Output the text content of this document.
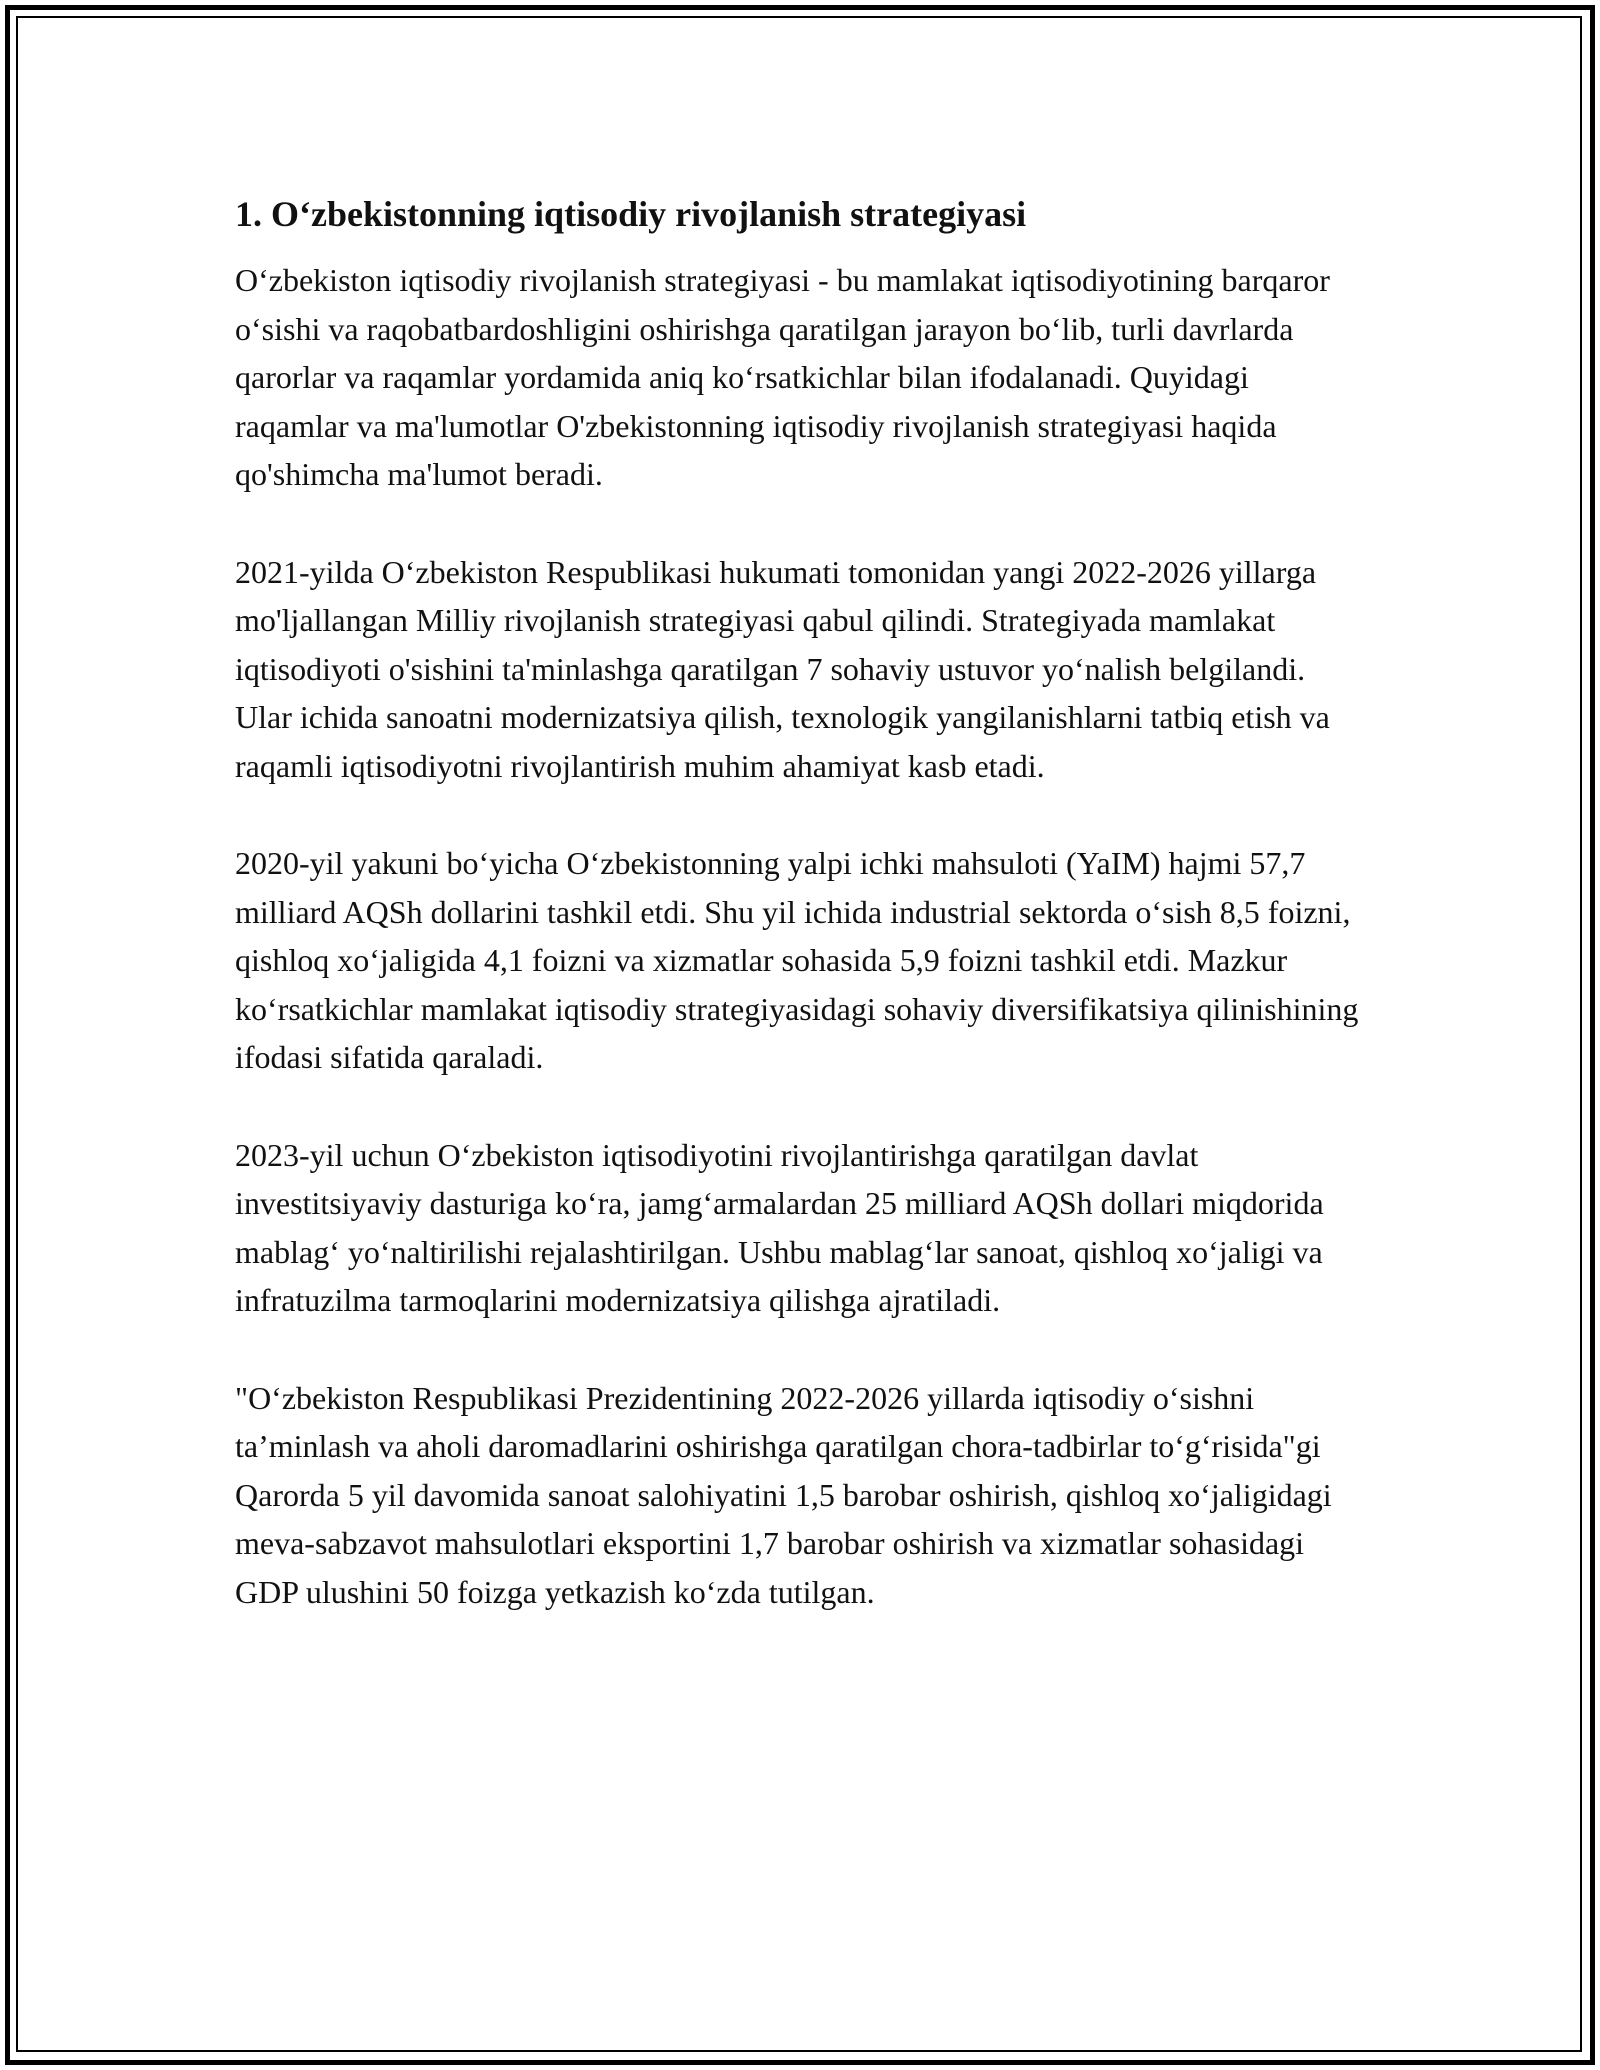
1. O‘zbekistonning iqtisodiy rivojlanish strategiyasi

O‘zbekiston iqtisodiy rivojlanish strategiyasi - bu mamlakat iqtisodiyotining barqaror o‘sishi va raqobatbardoshligini oshirishga qaratilgan jarayon bo‘lib, turli davrlarda qarorlar va raqamlar yordamida aniq ko‘rsatkichlar bilan ifodalanadi. Quyidagi raqamlar va ma'lumotlar O'zbekistonning iqtisodiy rivojlanish strategiyasi haqida qo'shimcha ma'lumot beradi.

2021-yilda O‘zbekiston Respublikasi hukumati tomonidan yangi 2022-2026 yillarga mo'ljallangan Milliy rivojlanish strategiyasi qabul qilindi. Strategiyada mamlakat iqtisodiyoti o'sishini ta'minlashga qaratilgan 7 sohaviy ustuvor yo‘nalish belgilandi. Ular ichida sanoatni modernizatsiya qilish, texnologik yangilanishlarni tatbiq etish va raqamli iqtisodiyotni rivojlantirish muhim ahamiyat kasb etadi.

2020-yil yakuni bo‘yicha O‘zbekistonning yalpi ichki mahsuloti (YaIM) hajmi 57,7 milliard AQSh dollarini tashkil etdi. Shu yil ichida industrial sektorda o‘sish 8,5 foizni, qishloq xo‘jaligida 4,1 foizni va xizmatlar sohasida 5,9 foizni tashkil etdi. Mazkur ko‘rsatkichlar mamlakat iqtisodiy strategiyasidagi sohaviy diversifikatsiya qilinishining ifodasi sifatida qaraladi.

2023-yil uchun O‘zbekiston iqtisodiyotini rivojlantirishga qaratilgan davlat investitsiyaviy dasturiga ko‘ra, jamg‘armalardan 25 milliard AQSh dollari miqdorida mablag‘ yo‘naltirilishi rejalashtirilgan. Ushbu mablag‘lar sanoat, qishloq xo‘jaligi va infratuzilma tarmoqlarini modernizatsiya qilishga ajratiladi.

"O‘zbekiston Respublikasi Prezidentining 2022-2026 yillarda iqtisodiy o‘sishni ta’minlash va aholi daromadlarini oshirishga qaratilgan chora-tadbirlar to‘g‘risida"gi Qarorda 5 yil davomida sanoat salohiyatini 1,5 barobar oshirish, qishloq xo‘jaligidagi meva-sabzavot mahsulotlari eksportini 1,7 barobar oshirish va xizmatlar sohasidagi GDP ulushini 50 foizga yetkazish ko‘zda tutilgan.
